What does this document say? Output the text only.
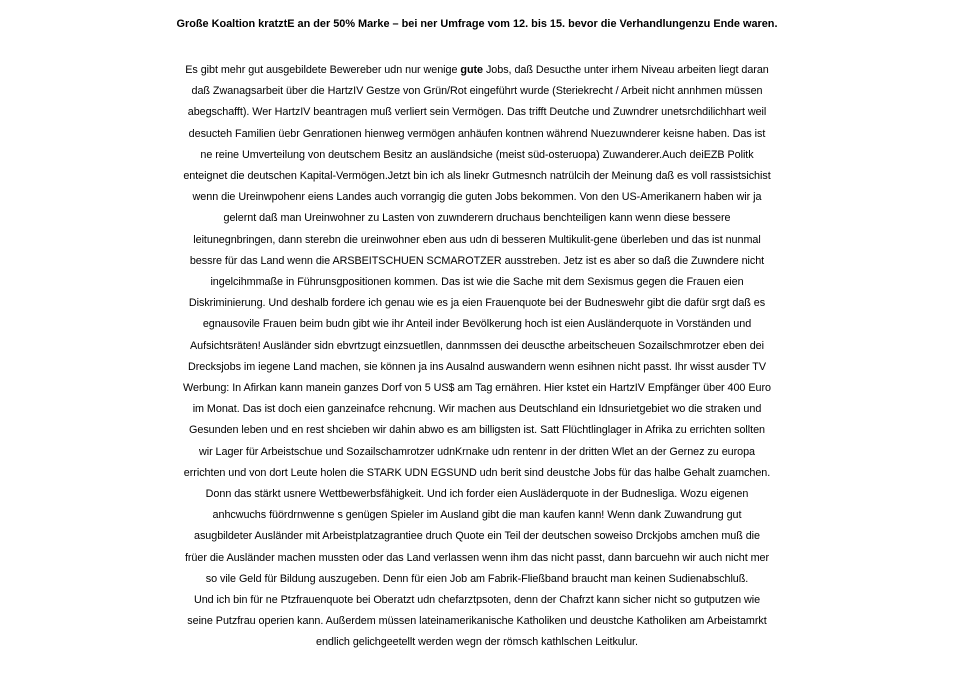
Große Koaltion kratztE an der 50% Marke – bei ner Umfrage vom 12. bis 15. bevor die Verhandlungenzu Ende waren.
Es gibt mehr gut ausgebildete Bewereber udn nur wenige gute Jobs, daß Desucthe unter irhem Niveau arbeiten liegt daran
daß Zwanagsarbeit über die HartzIV Gestze von Grün/Rot eingeführt wurde (Steriekrecht / Arbeit nicht annhmen müssen
abegschafft). Wer HartzIV beantragen muß verliert sein Vermögen. Das trifft Deutche und Zuwndrer unetsrchdilichhart weil
desucteh Familien üebr Genrationen hienweg vermögen anhäufen kontnen während Nuezuwnderer keisne haben. Das ist
ne reine Umverteilung von deutschem Besitz an ausländsiche (meist süd-osteruopa) Zuwanderer.Auch deiEZB Politk
enteignet die deutschen Kapital-Vermögen.Jetzt bin ich als linekr Gutmesnch natrülcih der Meinung daß es voll rassistsichist
wenn die Ureinwpohenr eiens Landes auch vorrangig die guten Jobs bekommen. Von den US-Amerikanern haben wir ja
gelernt daß man Ureinwohner zu Lasten von zuwnderern druchaus benchteiligen kann wenn diese bessere
leitunegnbringen, dann sterebn die ureinwohner eben aus udn di besseren Multikulit-gene überleben und das ist nunmal
bessre für das Land wenn die ARSBEITSCHUEN SCMAROTZER ausstreben. Jetz ist es aber so daß die Zuwndere nicht
ingelcihmmaße in Führunsgpositionen kommen. Das ist wie die Sache mit dem Sexismus gegen die Frauen eien
Diskriminierung. Und deshalb fordere ich genau wie es ja eien Frauenquote bei der Budneswehr gibt die dafür srgt daß es
egnausovile Frauen beim budn gibt wie ihr Anteil inder Bevölkerung hoch ist eien Ausländerquote in Vorständen und
Aufsichtsräten! Ausländer sidn ebvrtzugt einzsuetllen, dannmssen dei deuscthe arbeitscheuen Sozailschmrotzer eben dei
Drecksjobs im iegene Land machen, sie können ja ins Ausalnd auswandern wenn esihnen nicht passt. Ihr wisst ausder TV
Werbung: In Afirkan kann manein ganzes Dorf von 5 US$ am Tag ernähren. Hier kstet ein HartzIV Empfänger über 400 Euro
im Monat. Das ist doch eien ganzeinafce rehcnung. Wir machen aus Deutschland ein Idnsurietgebiet wo die straken und
Gesunden leben und en rest shcieben wir dahin abwo es am billigsten ist. Satt Flüchtlinglager in Afrika zu errichten sollten
wir Lager für Arbeistschue und Sozailschamrotzer udnKrnake udn rentenr in der dritten Wlet an der Gernez zu europa
errichten und von dort Leute holen die STARK UDN EGSUND udn berit sind deustche Jobs für das halbe Gehalt zuamchen.
Donn das stärkt usnere Wettbewerbsfähigkeit. Und ich forder eien Ausläderquote in der Budnesliga. Wozu eigenen
anhcwuchs füördrnwenne s genügen Spieler im Ausland gibt die man kaufen kann! Wenn dank Zuwandrung gut
asugbildeter Ausländer mit Arbeistplatzagrantiee druch Quote ein Teil der deutschen soweiso Drckjobs amchen muß die
früer die Ausländer machen mussten oder das Land verlassen wenn ihm das nicht passt, dann barcuehn wir auch nicht mer
so vile Geld für Bildung auszugeben. Denn für eien Job am Fabrik-Fließband braucht man keinen Sudienabschluß.
Und ich bin für ne Ptzfrauenquote bei Oberatzt udn chefarztpsoten, denn der Chafrzt kann sicher nicht so gutputzen wie
seine Putzfrau operien kann. Außerdem müssen lateinamerikanische Katholiken und deustche Katholiken am Arbeistamrkt
endlich gelichgeetellt werden wegn der römsch kathlschen Leitkulur.
